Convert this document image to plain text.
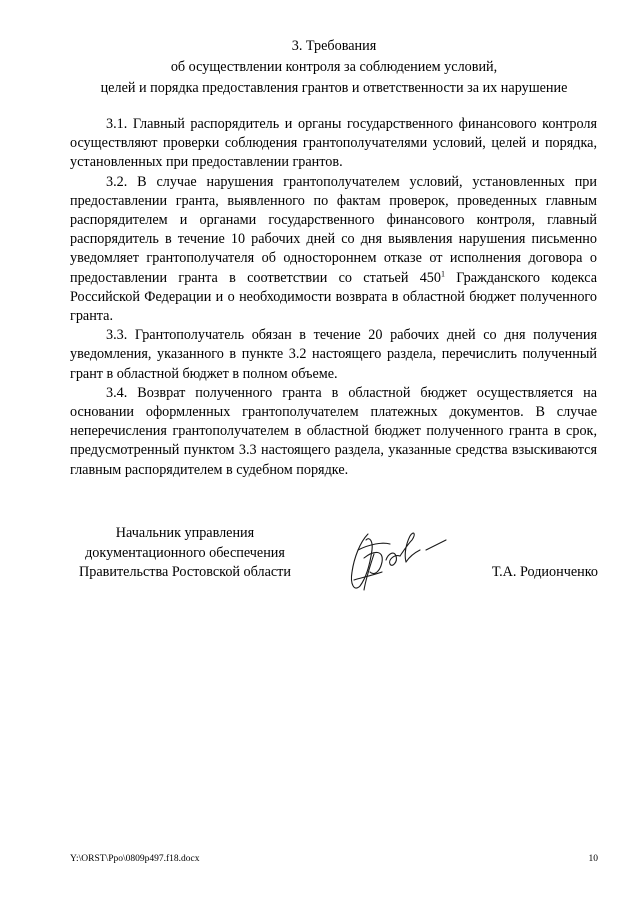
3. Требования
об осуществлении контроля за соблюдением условий,
целей и порядка предоставления грантов и ответственности за их нарушение

3.1. Главный распорядитель и органы государственного финансового контроля осуществляют проверки соблюдения грантополучателями условий, целей и порядка, установленных при предоставлении грантов.

3.2. В случае нарушения грантополучателем условий, установленных при предоставлении гранта, выявленного по фактам проверок, проведенных главным распорядителем и органами государственного финансового контроля, главный распорядитель в течение 10 рабочих дней со дня выявления нарушения письменно уведомляет грантополучателя об одностороннем отказе от исполнения договора о предоставлении гранта в соответствии со статьей $450^1$ Гражданского кодекса Российской Федерации и о необходимости возврата в областной бюджет полученного гранта.

3.3. Грантополучатель обязан в течение 20 рабочих дней со дня получения уведомления, указанного в пункте 3.2 настоящего раздела, перечислить полученный грант в областной бюджет в полном объеме.

3.4. Возврат полученного гранта в областной бюджет осуществляется на основании оформленных грантополучателем платежных документов. В случае неперечисления грантополучателем в областной бюджет полученного гранта в срок, предусмотренный пунктом 3.3 настоящего раздела, указанные средства взыскиваются главным распорядителем в судебном порядке.

Начальник управления
документационного обеспечения
Правительства Ростовской области	Т.А. Родионченко
Y:\ORST\Ppo\0809p497.f18.docx	10
